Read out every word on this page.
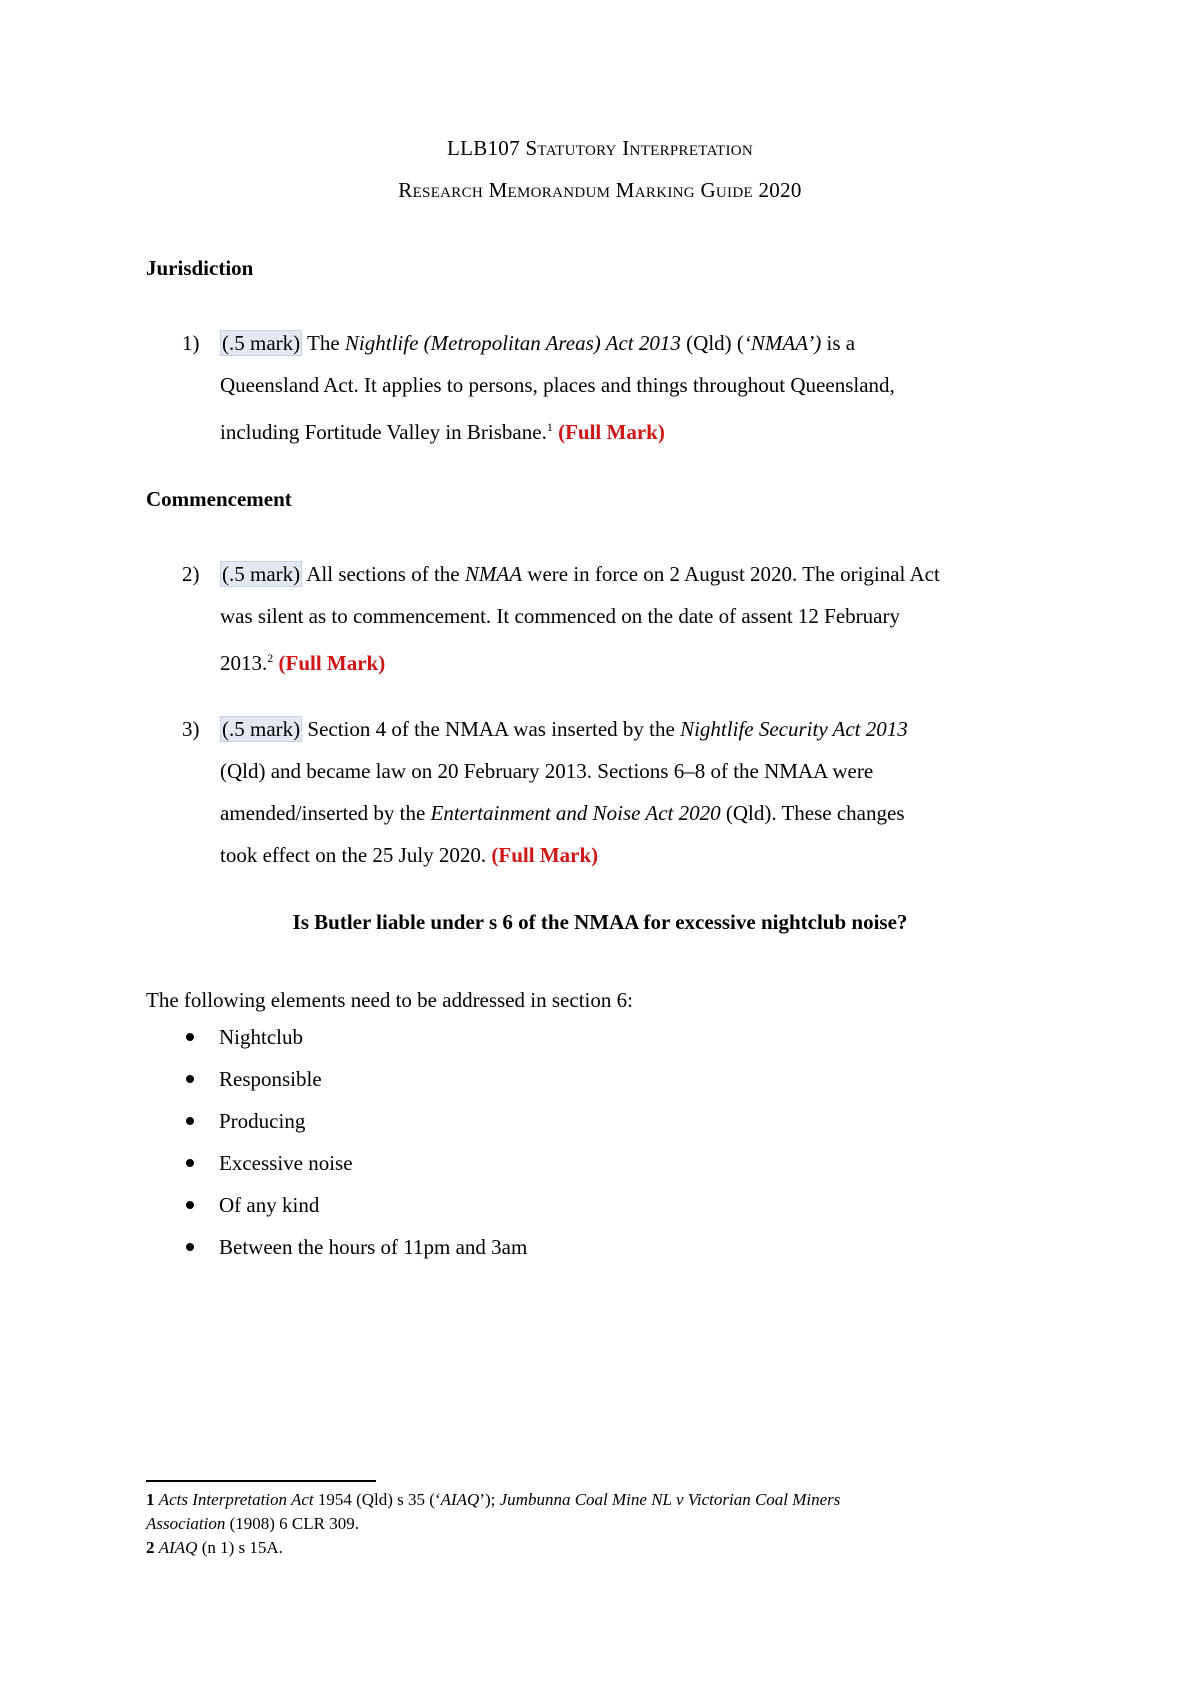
LLB107 Statutory Interpretation
Research Memorandum Marking Guide 2020
Jurisdiction
1) (.5 mark) The Nightlife (Metropolitan Areas) Act 2013 (Qld) (‘NMAA’) is a
Queensland Act. It applies to persons, places and things throughout Queensland,
including Fortitude Valley in Brisbane.$^1$ (Full Mark)
Commencement
2) (.5 mark) All sections of the NMAA were in force on 2 August 2020. The original Act
was silent as to commencement. It commenced on the date of assent 12 February
2013.$^2$ (Full Mark)
3) (.5 mark) Section 4 of the NMAA was inserted by the Nightlife Security Act 2013
(Qld) and became law on 20 February 2013. Sections 6–8 of the NMAA were
amended/inserted by the Entertainment and Noise Act 2020 (Qld). These changes
took effect on the 25 July 2020. (Full Mark)
Is Butler liable under s 6 of the NMAA for excessive nightclub noise?
The following elements need to be addressed in section 6:
Nightclub
Responsible
Producing
Excessive noise
Of any kind
Between the hours of 11pm and 3am
1 Acts Interpretation Act 1954 (Qld) s 35 (‘AIAQ’); Jumbunna Coal Mine NL v Victorian Coal Miners
Association (1908) 6 CLR 309.
2 AIAQ (n 1) s 15A.
